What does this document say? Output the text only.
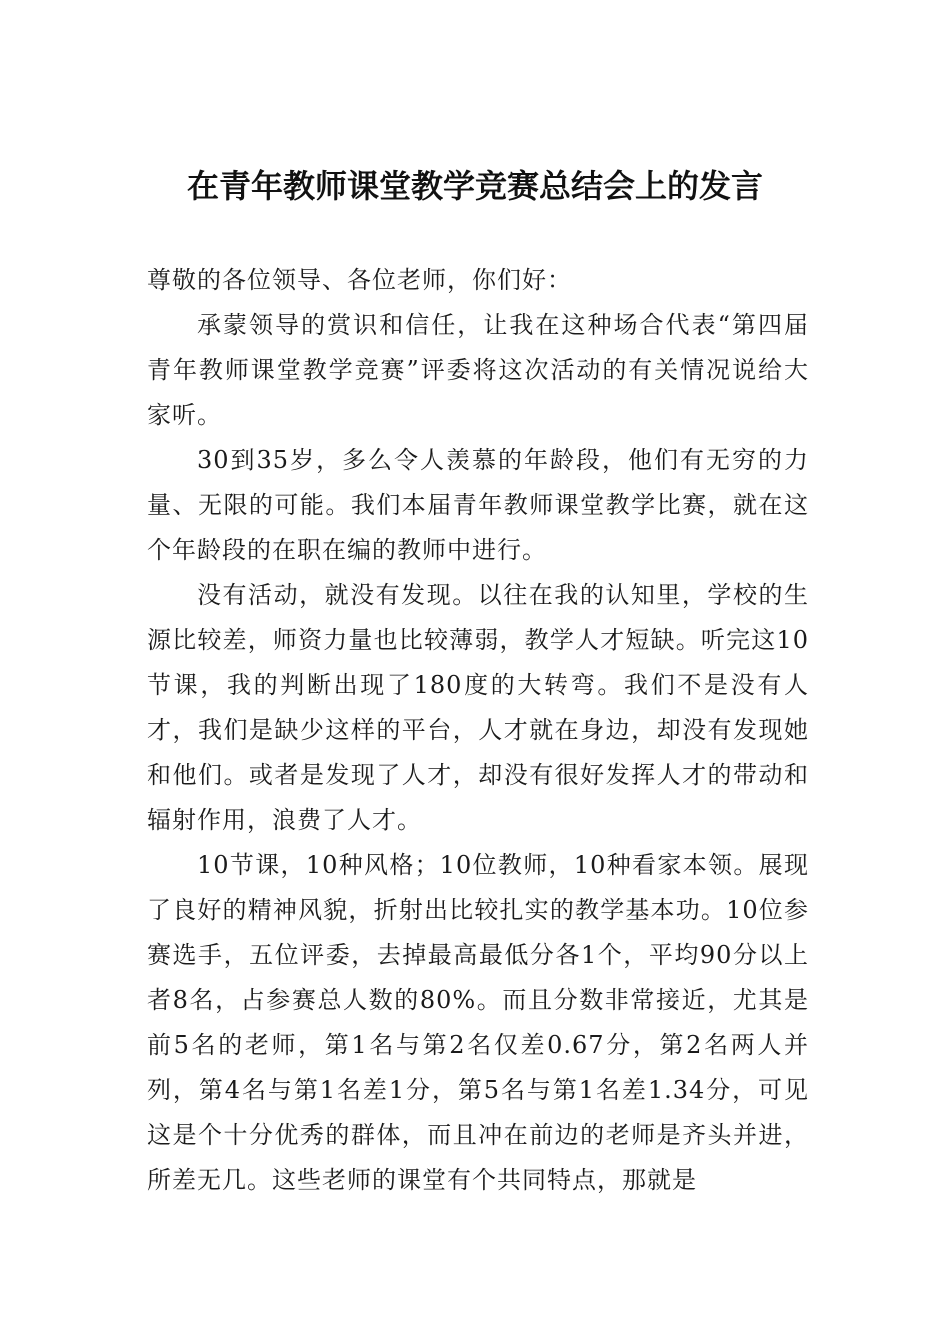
在青年教师课堂教学竞赛总结会上的发言

尊敬的各位领导、各位老师，你们好：

承蒙领导的赏识和信任，让我在这种场合代表“第四届青年教师课堂教学竞赛”评委将这次活动的有关情况说给大家听。

30到35岁，多么令人羡慕的年龄段，他们有无穷的力量、无限的可能。我们本届青年教师课堂教学比赛，就在这个年龄段的在职在编的教师中进行。

没有活动，就没有发现。以往在我的认知里，学校的生源比较差，师资力量也比较薄弱，教学人才短缺。听完这10节课，我的判断出现了180度的大转弯。我们不是没有人才，我们是缺少这样的平台，人才就在身边，却没有发现她和他们。或者是发现了人才，却没有很好发挥人才的带动和辐射作用，浪费了人才。

10节课，10种风格；10位教师，10种看家本领。展现了良好的精神风貌，折射出比较扎实的教学基本功。10位参赛选手，五位评委，去掉最高最低分各1个，平均90分以上者8名，占参赛总人数的80%。而且分数非常接近，尤其是前5名的老师，第1名与第2名仅差0.67分，第2名两人并列，第4名与第1名差1分，第5名与第1名差1.34分，可见这是个十分优秀的群体，而且冲在前边的老师是齐头并进，所差无几。这些老师的课堂有个共同特点，那就是
